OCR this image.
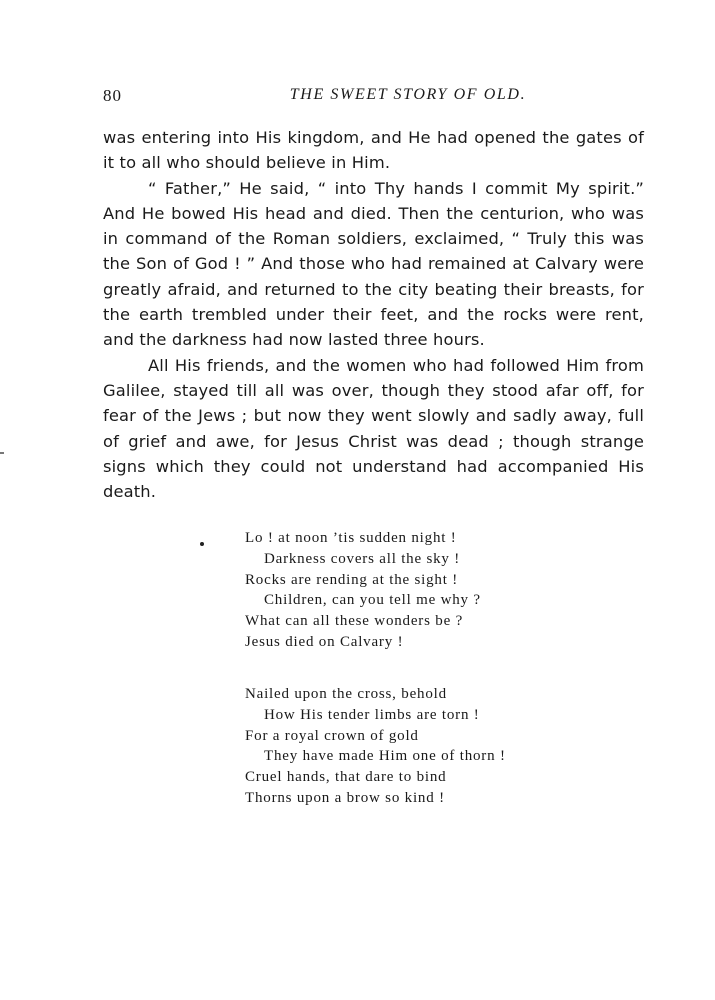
80	THE SWEET STORY OF OLD.

was entering into His kingdom, and He had opened the gates of it to all who should believe in Him.

“ Father,” He said, “ into Thy hands I commit My spirit.” And He bowed His head and died. Then the centurion, who was in command of the Roman soldiers, exclaimed, “ Truly this was the Son of God ! ” And those who had remained at Calvary were greatly afraid, and returned to the city beating their breasts, for the earth trembled under their feet, and the rocks were rent, and the darkness had now lasted three hours.

All His friends, and the women who had followed Him from Galilee, stayed till all was over, though they stood afar off, for fear of the Jews ; but now they went slowly and sadly away, full of grief and awe, for Jesus Christ was dead ; though strange signs which they could not understand had accompanied His death.

Lo ! at noon ’tis sudden night !
Darkness covers all the sky !
Rocks are rending at the sight !
Children, can you tell me why ?
What can all these wonders be ?
Jesus died on Calvary !
Nailed upon the cross, behold
How His tender limbs are torn !
For a royal crown of gold
They have made Him one of thorn !
Cruel hands, that dare to bind
Thorns upon a brow so kind !
